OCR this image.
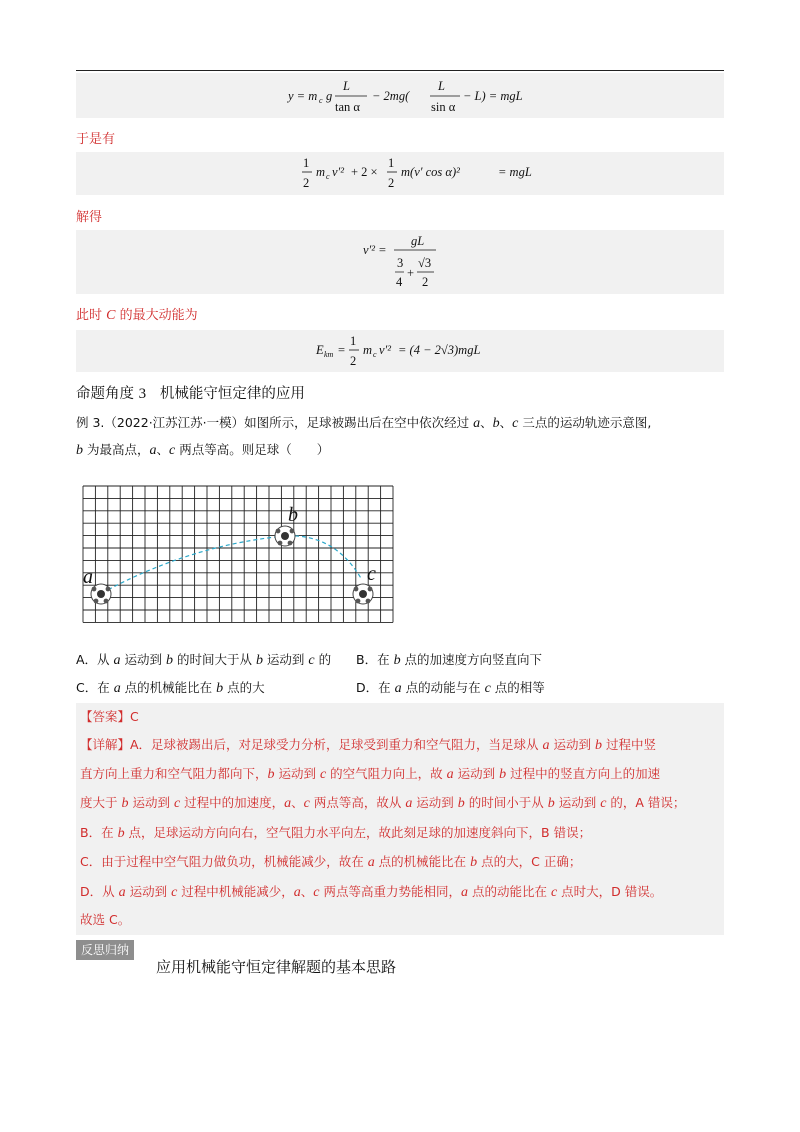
y = m c g
L
tan α
− 2mg(
L
sin α
− L) = mgL
于是有
1
2
m c v′² + 2 ×
1
2
m(v′ cos α)²	= mgL
解得
v′² =
gL
3
4
+
√3
2
此时 C 的最大动能为
E km =
1
2
m c v′² = (4 − 2√3)mgL
命题角度 3   机械能守恒定律的应用
例 3.（2022·江苏江苏·一模）如图所示，足球被踢出后在空中依次经过 a、b、c 三点的运动轨迹示意图,
b 为最高点，a、c 两点等高。则足球（　　）
a
b
c
A．从 a 运动到 b 的时间大于从 b 运动到 c 的 B．在 b 点的加速度方向竖直向下
C．在 a 点的机械能比在 b 点的大	D．在 a 点的动能与在 c 点的相等
【答案】C
【详解】A．足球被踢出后，对足球受力分析，足球受到重力和空气阻力，当足球从 a 运动到 b 过程中竖
直方向上重力和空气阻力都向下，b 运动到 c 的空气阻力向上，故 a 运动到 b 过程中的竖直方向上的加速
度大于 b 运动到 c 过程中的加速度，a、c 两点等高，故从 a 运动到 b 的时间小于从 b 运动到 c 的，A 错误；
B．在 b 点，足球运动方向向右，空气阻力水平向左，故此刻足球的加速度斜向下，B 错误；
C．由于过程中空气阻力做负功，机械能减少，故在 a 点的机械能比在 b 点的大，C 正确；
D．从 a 运动到 c 过程中机械能减少，a、c 两点等高重力势能相同，a 点的动能比在 c 点时大，D 错误。
故选 C。
反思归纳
应用机械能守恒定律解题的基本思路
